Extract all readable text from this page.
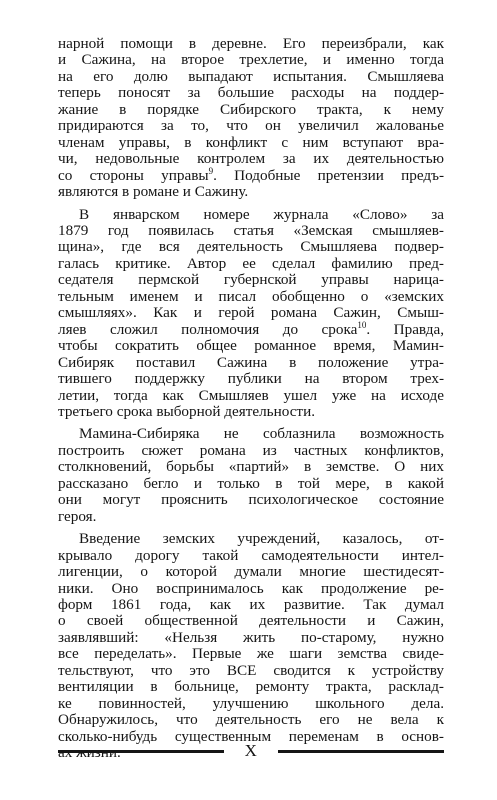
нарной помощи в деревне. Его переизбрали, как
и Сажина, на второе трехлетие, и именно тогда
на его долю выпадают испытания. Смышляева
теперь поносят за большие расходы на поддер-
жание в порядке Сибирского тракта, к нему
придираются за то, что он увеличил жалованье
членам управы, в конфликт с ним вступают вра-
чи, недовольные контролем за их деятельностью
со стороны управы$^9$. Подобные претензии предъ-
являются в романе и Сажину.
В январском номере журнала «Слово» за
1879 год появилась статья «Земская смышляев-
щина», где вся деятельность Смышляева подвер-
галась критике. Автор ее сделал фамилию пред-
седателя пермской губернской управы нарица-
тельным именем и писал обобщенно о «земских
смышляях». Как и герой романа Сажин, Смыш-
ляев сложил полномочия до срока$^{10}$. Правда,
чтобы сократить общее романное время, Мамин-
Сибиряк поставил Сажина в положение утра-
тившего поддержку публики на втором трех-
летии, тогда как Смышляев ушел уже на исходе
третьего срока выборной деятельности.
Мамина-Сибиряка не соблазнила возможность
построить сюжет романа из частных конфликтов,
столкновений, борьбы «партий» в земстве. О них
рассказано бегло и только в той мере, в какой
они могут прояснить психологическое состояние
героя.
Введение земских учреждений, казалось, от-
крывало дорогу такой самодеятельности интел-
лигенции, о которой думали многие шестидесят-
ники. Оно воспринималось как продолжение ре-
форм 1861 года, как их развитие. Так думал
о своей общественной деятельности и Сажин,
заявлявший: «Нельзя жить по-старому, нужно
все переделать». Первые же шаги земства свиде-
тельствуют, что это ВСЕ сводится к устройству
вентиляции в больнице, ремонту тракта, расклад-
ке повинностей, улучшению школьного дела.
Обнаружилось, что деятельность его не вела к
сколько-нибудь существенным переменам в основ-
X
